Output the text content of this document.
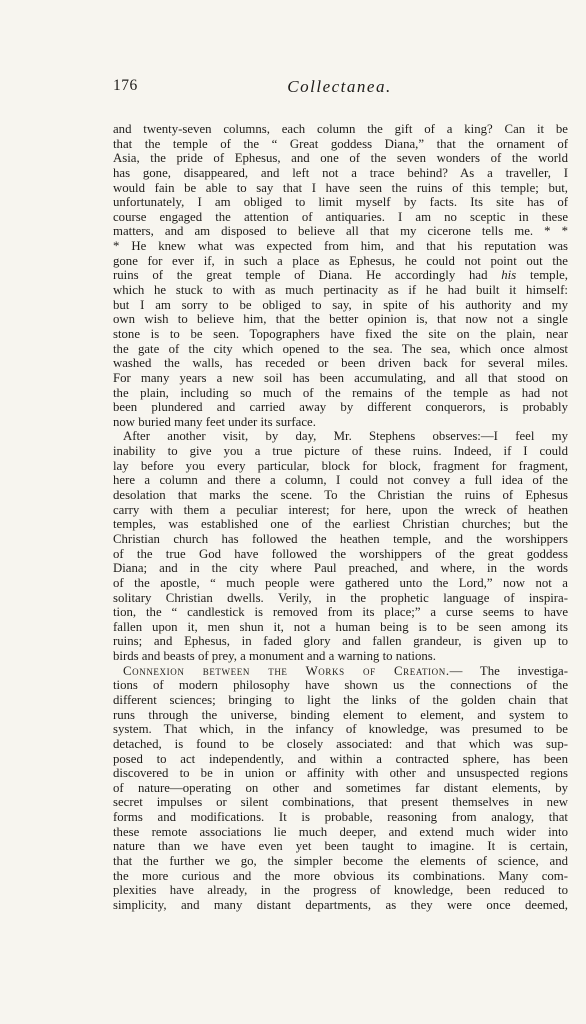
176	Collectanea.
and twenty-seven columns, each column the gift of a king? Can it be
that the temple of the “ Great goddess Diana,” that the ornament of
Asia, the pride of Ephesus, and one of the seven wonders of the world
has gone, disappeared, and left not a trace behind? As a traveller, I
would fain be able to say that I have seen the ruins of this temple; but,
unfortunately, I am obliged to limit myself by facts. Its site has of
course engaged the attention of antiquaries. I am no sceptic in these
matters, and am disposed to believe all that my cicerone tells me. * *
* He knew what was expected from him, and that his reputation was
gone for ever if, in such a place as Ephesus, he could not point out the
ruins of the great temple of Diana. He accordingly had his temple,
which he stuck to with as much pertinacity as if he had built it himself:
but I am sorry to be obliged to say, in spite of his authority and my
own wish to believe him, that the better opinion is, that now not a single
stone is to be seen. Topographers have fixed the site on the plain, near
the gate of the city which opened to the sea. The sea, which once almost
washed the walls, has receded or been driven back for several miles.
For many years a new soil has been accumulating, and all that stood on
the plain, including so much of the remains of the temple as had not
been plundered and carried away by different conquerors, is probably
now buried many feet under its surface.
After another visit, by day, Mr. Stephens observes:—I feel my
inability to give you a true picture of these ruins. Indeed, if I could
lay before you every particular, block for block, fragment for fragment,
here a column and there a column, I could not convey a full idea of the
desolation that marks the scene. To the Christian the ruins of Ephesus
carry with them a peculiar interest; for here, upon the wreck of heathen
temples, was established one of the earliest Christian churches; but the
Christian church has followed the heathen temple, and the worshippers
of the true God have followed the worshippers of the great goddess
Diana; and in the city where Paul preached, and where, in the words
of the apostle, “ much people were gathered unto the Lord,” now not a
solitary Christian dwells. Verily, in the prophetic language of inspira-
tion, the “ candlestick is removed from its place;” a curse seems to have
fallen upon it, men shun it, not a human being is to be seen among its
ruins; and Ephesus, in faded glory and fallen grandeur, is given up to
birds and beasts of prey, a monument and a warning to nations.
Connexion between the Works of Creation.— The investiga-
tions of modern philosophy have shown us the connections of the
different sciences; bringing to light the links of the golden chain that
runs through the universe, binding element to element, and system to
system. That which, in the infancy of knowledge, was presumed to be
detached, is found to be closely associated: and that which was sup-
posed to act independently, and within a contracted sphere, has been
discovered to be in union or affinity with other and unsuspected regions
of nature—operating on other and sometimes far distant elements, by
secret impulses or silent combinations, that present themselves in new
forms and modifications. It is probable, reasoning from analogy, that
these remote associations lie much deeper, and extend much wider into
nature than we have even yet been taught to imagine. It is certain,
that the further we go, the simpler become the elements of science, and
the more curious and the more obvious its combinations. Many com-
plexities have already, in the progress of knowledge, been reduced to
simplicity, and many distant departments, as they were once deemed,
